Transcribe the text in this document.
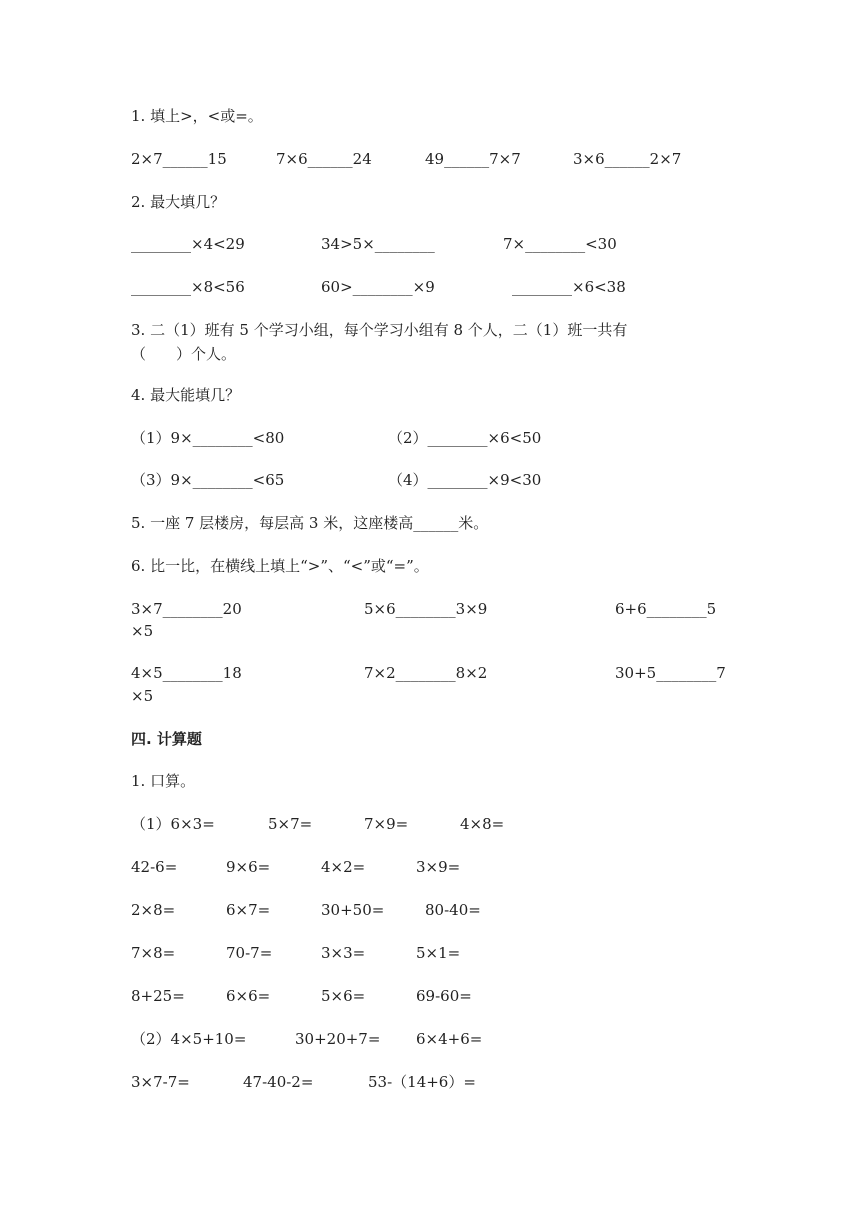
1. 填上>，<或=。
2×7______15	7×6______24	49______7×7	3×6______2×7
2. 最大填几？
________×4<29	34>5×________	7×________<30
________×8<56	60>________×9	________×6<38
3. 二（1）班有 5 个学习小组，每个学习小组有 8 个人，二（1）班一共有
（　　）个人。
4. 最大能填几？
（1）9×________<80	（2）________×6<50
（3）9×________<65	（4）________×9<30
5. 一座 7 层楼房，每层高 3 米，这座楼高______米。
6. 比一比，在横线上填上“>”、“<”或“=”。
3×7________20	5×6________3×9	6+6________5
×5
4×5________18	7×2________8×2	30+5________7
×5
四. 计算题
1. 口算。
（1）6×3=	5×7=	7×9=	4×8=
42-6=	9×6=	4×2=	3×9=
2×8=	6×7=	30+50=	80-40=
7×8=	70-7=	3×3=	5×1=
8+25=	6×6=	5×6=	69-60=
（2）4×5+10=	30+20+7= 6×4+6=
3×7-7=	47-40-2=	53-（14+6）=
